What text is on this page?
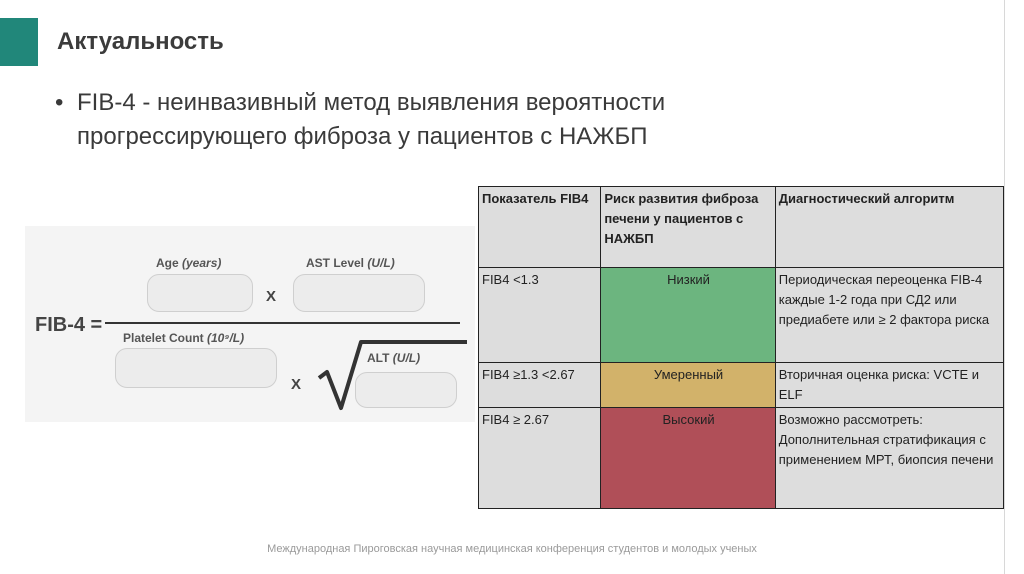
Актуальность
• FIB-4 - неинвазивный метод выявления вероятности прогрессирующего фиброза у пациентов с НАЖБП
FIB-4 =
Age (years)
X
AST Level (U/L)
Platelet Count (10⁹/L)
X
ALT (U/L)
Показатель FIB4	Риск развития фиброза печени у пациентов с НАЖБП	Диагностический алгоритм
FIB4 <1.3	Низкий	Периодическая переоценка FIB-4 каждые 1-2 года при СД2 или предиабете или ≥ 2 фактора риска
FIB4 ≥1.3 <2.67	Умеренный	Вторичная оценка риска: VCTE и ELF
FIB4 ≥ 2.67	Высокий	Возможно рассмотреть: Дополнительная стратификация с применением МРТ, биопсия печени
Международная Пироговская научная медицинская конференция студентов и молодых ученых
